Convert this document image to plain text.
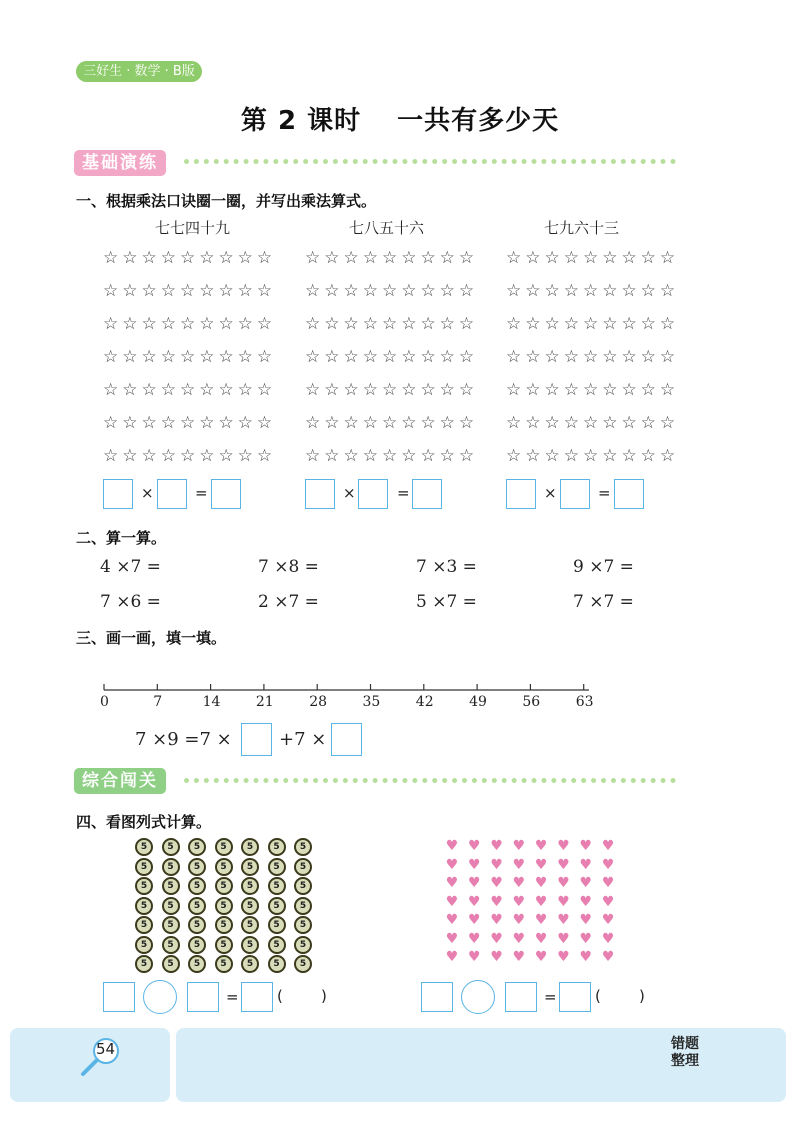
三好生 · 数学 · B版
第 2 课时 一共有多少天
基础演练
一、根据乘法口诀圈一圈，并写出乘法算式。
七七四十九	七八五十六	七九六十三
☆☆☆☆☆☆☆☆☆
☆☆☆☆☆☆☆☆☆
☆☆☆☆☆☆☆☆☆
☆☆☆☆☆☆☆☆☆
☆☆☆☆☆☆☆☆☆
☆☆☆☆☆☆☆☆☆
☆☆☆☆☆☆☆☆☆
☆☆☆☆☆☆☆☆☆
☆☆☆☆☆☆☆☆☆
☆☆☆☆☆☆☆☆☆
☆☆☆☆☆☆☆☆☆
☆☆☆☆☆☆☆☆☆
☆☆☆☆☆☆☆☆☆
☆☆☆☆☆☆☆☆☆
☆☆☆☆☆☆☆☆☆
☆☆☆☆☆☆☆☆☆
☆☆☆☆☆☆☆☆☆
☆☆☆☆☆☆☆☆☆
☆☆☆☆☆☆☆☆☆
☆☆☆☆☆☆☆☆☆
☆☆☆☆☆☆☆☆☆
×	=	×	=	×	=
二、算一算。
4 ×7 =	7 ×8 =	7 ×3 =	9 ×7 =
7 ×6 =	2 ×7 =	5 ×7 =	7 ×7 =
三、画一画，填一填。
0	7	14	21	28	35	42	49	56	63
7 ×9 =7 ×	+7 ×
综合闯关
四、看图列式计算。
5	5	5	5	5	5	5
5	5	5	5	5	5	5
5	5	5	5	5	5	5
5	5	5	5	5	5	5
5	5	5	5	5	5	5
5	5	5	5	5	5	5
5	5	5	5	5	5	5
♥ ♥ ♥ ♥ ♥ ♥ ♥ ♥
♥ ♥ ♥ ♥ ♥ ♥ ♥ ♥
♥ ♥ ♥ ♥ ♥ ♥ ♥ ♥
♥ ♥ ♥ ♥ ♥ ♥ ♥ ♥
♥ ♥ ♥ ♥ ♥ ♥ ♥ ♥
♥ ♥ ♥ ♥ ♥ ♥ ♥ ♥
♥ ♥ ♥ ♥ ♥ ♥ ♥ ♥
=	(        )	=	(        )
54	错题
整理
